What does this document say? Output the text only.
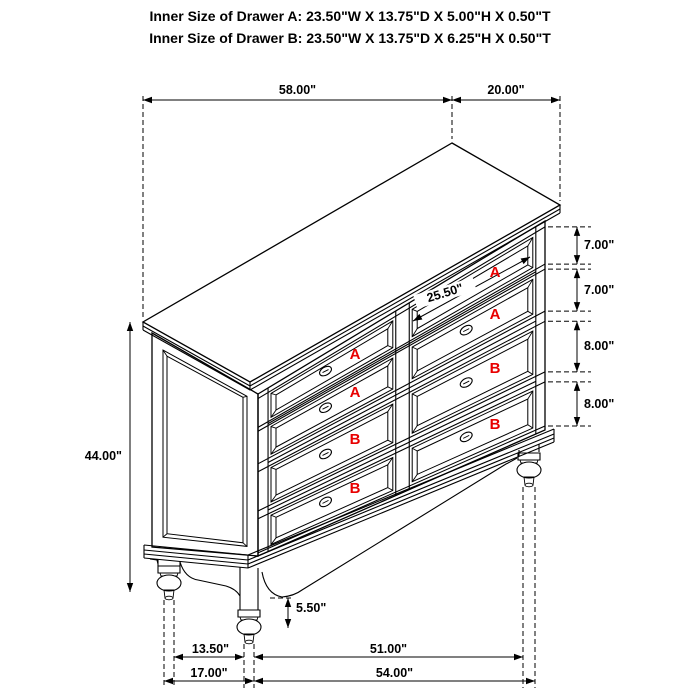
Inner Size of Drawer A: 23.50"W X 13.75"D X 5.00"H X 0.50"T
Inner Size of Drawer B: 23.50"W X 13.75"D X 6.25"H X 0.50"T
58.00"	20.00"
7.00"
7.00"
8.00"
8.00"
44.00"
5.50"
13.50"	51.00"
17.00"	54.00"
25.50"
A
A
B
B
A
A
B
B
